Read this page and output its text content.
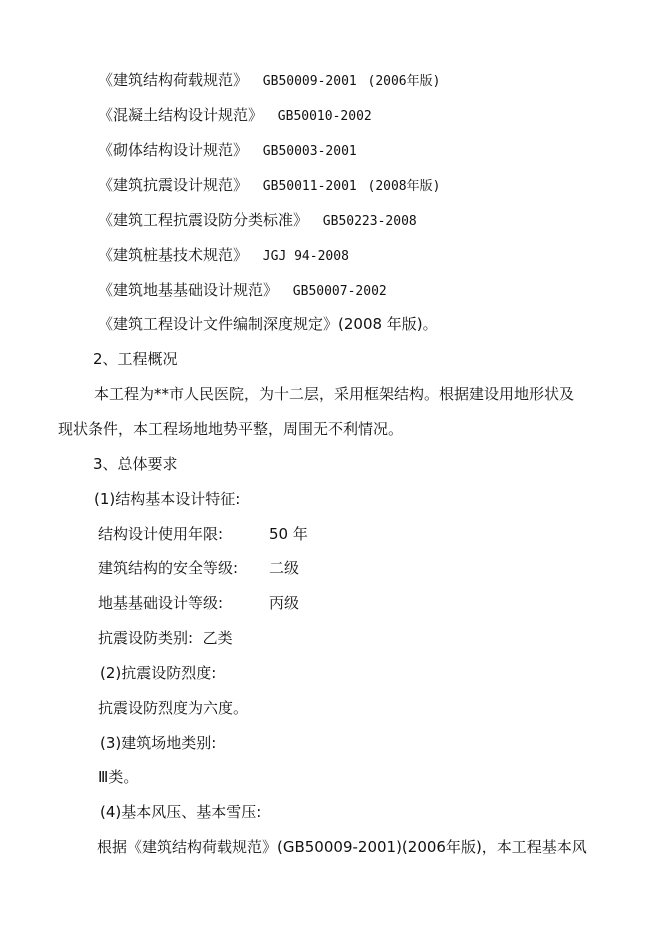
《建筑结构荷载规范》 GB50009-2001 (2006年版)
《混凝土结构设计规范》 GB50010-2002
《砌体结构设计规范》 GB50003-2001
《建筑抗震设计规范》 GB50011-2001 (2008年版)
《建筑工程抗震设防分类标准》 GB50223-2008
《建筑桩基技术规范》 JGJ 94-2008
《建筑地基基础设计规范》 GB50007-2002
《建筑工程设计文件编制深度规定》(2008 年版)。
2、工程概况
本工程为**市人民医院，为十二层，采用框架结构。根据建设用地形状及
现状条件，本工程场地地势平整，周围无不利情况。
3、总体要求
(1)结构基本设计特征:
结构设计使用年限:	50 年
建筑结构的安全等级: 二级
地基基础设计等级:	丙级
抗震设防类别:  乙类
(2)抗震设防烈度:
抗震设防烈度为六度。
(3)建筑场地类别:
Ⅲ类。
(4)基本风压、基本雪压:
根据《建筑结构荷载规范》(GB50009-2001)(2006年版)，本工程基本风
